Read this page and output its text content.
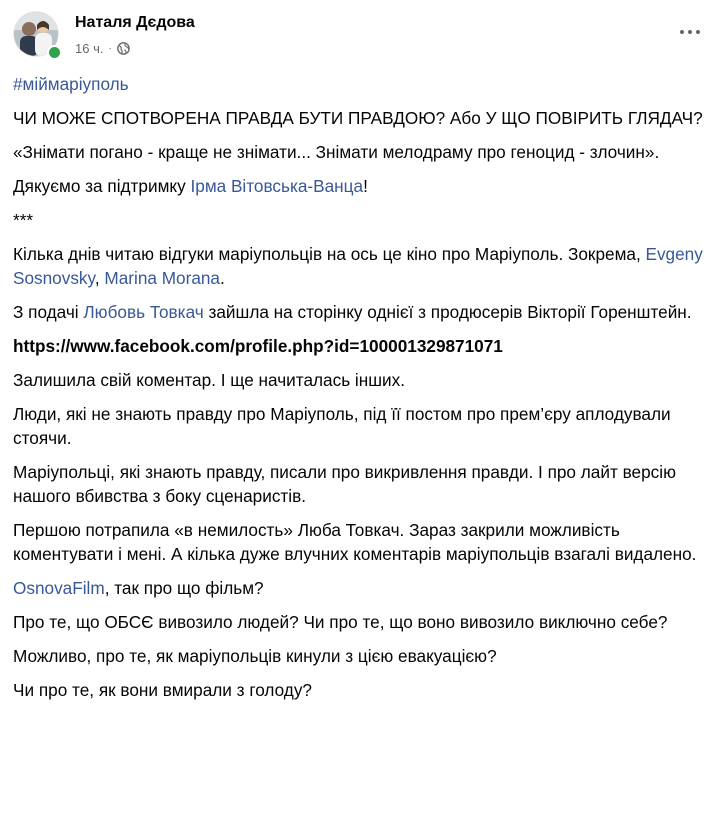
Наталя Дєдова
16 ч. ·

#міймаріуполь

ЧИ МОЖЕ СПОТВОРЕНА ПРАВДА БУТИ ПРАВДОЮ? Або У ЩО ПОВІРИТЬ ГЛЯДАЧ?

«Знімати погано - краще не знімати... Знімати мелодраму про геноцид - злочин».

Дякуємо за підтримку Ірма Вітовська-Ванца!

***

Кілька днів читаю відгуки маріупольців на ось це кіно про Маріуполь. Зокрема, Evgeny Sosnovsky, Marina Morana.

З подачі Любовь Товкач зайшла на сторінку однієї з продюсерів Вікторії Горенштейн.

https://www.facebook.com/profile.php?id=100001329871071

Залишила свій коментар. І ще начиталась інших.

Люди, які не знають правду про Маріуполь, під її постом про прем’єру аплодували стоячи.

Маріупольці, які знають правду, писали про викривлення правди. І про лайт версію нашого вбивства з боку сценаристів.

Першою потрапила «в немилость» Люба Товкач. Зараз закрили можливість коментувати і мені. А кілька дуже влучних коментарів маріупольців взагалі видалено.

OsnovaFilm, так про що фільм?

Про те, що ОБСЄ вивозило людей? Чи про те, що воно вивозило виключно себе?

Можливо, про те, як маріупольців кинули з цією евакуацією?

Чи про те, як вони вмирали з голоду?
